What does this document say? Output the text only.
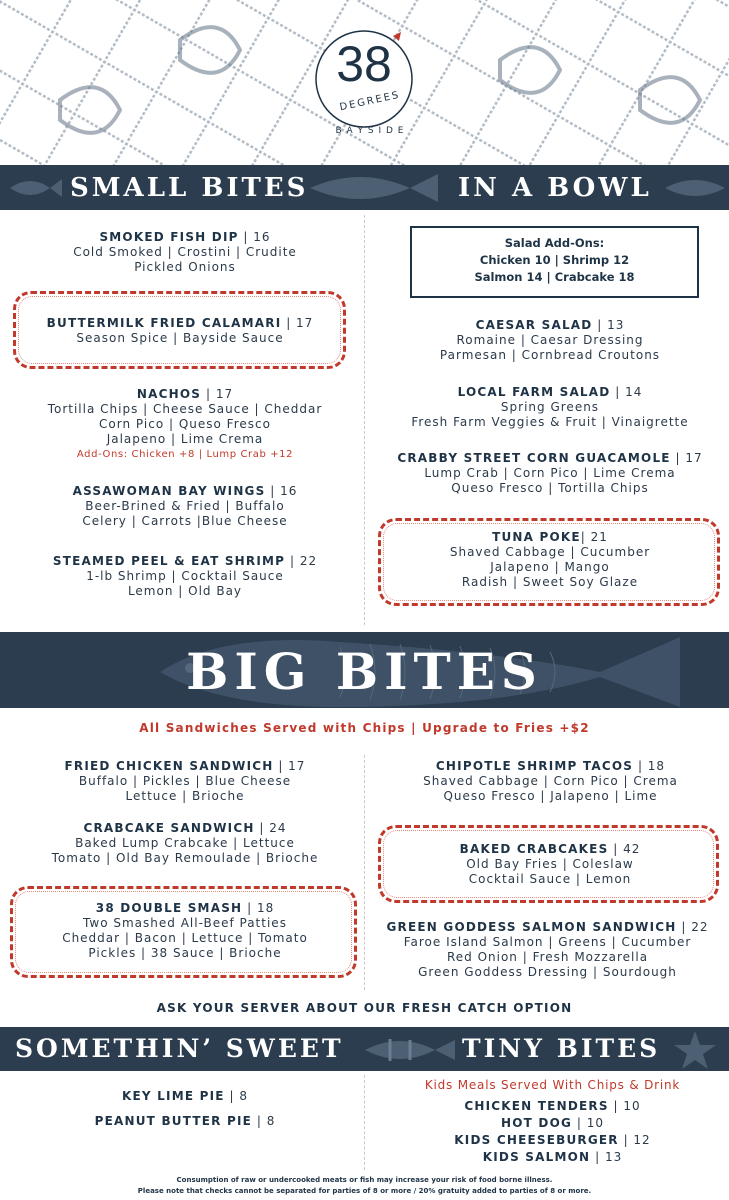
38
DEGREES
B A Y S I D E
SMALL BITES	IN A BOWL
SMOKED FISH DIP | 16
Cold Smoked | Crostini | Crudite
Pickled Onions
BUTTERMILK FRIED CALAMARI | 17
Season Spice | Bayside Sauce
NACHOS | 17
Tortilla Chips | Cheese Sauce | Cheddar
Corn Pico | Queso Fresco
Jalapeno | Lime Crema
Add-Ons: Chicken +8 | Lump Crab +12
ASSAWOMAN BAY WINGS | 16
Beer-Brined & Fried | Buffalo
Celery | Carrots |Blue Cheese
STEAMED PEEL & EAT SHRIMP | 22
1-lb Shrimp | Cocktail Sauce
Lemon | Old Bay
Salad Add-Ons:
Chicken 10 | Shrimp 12
Salmon 14 | Crabcake 18
CAESAR SALAD | 13
Romaine | Caesar Dressing
Parmesan | Cornbread Croutons
LOCAL FARM SALAD | 14
Spring Greens
Fresh Farm Veggies & Fruit | Vinaigrette
CRABBY STREET CORN GUACAMOLE | 17
Lump Crab | Corn Pico | Lime Crema
Queso Fresco | Tortilla Chips
TUNA POKE| 21
Shaved Cabbage | Cucumber
Jalapeno | Mango
Radish | Sweet Soy Glaze
BIG BITES
All Sandwiches Served with Chips | Upgrade to Fries +$2
FRIED CHICKEN SANDWICH | 17
Buffalo | Pickles | Blue Cheese
Lettuce | Brioche
CRABCAKE SANDWICH | 24
Baked Lump Crabcake | Lettuce
Tomato | Old Bay Remoulade | Brioche
38 DOUBLE SMASH | 18
Two Smashed All-Beef Patties
Cheddar | Bacon | Lettuce | Tomato
Pickles | 38 Sauce | Brioche
CHIPOTLE SHRIMP TACOS | 18
Shaved Cabbage | Corn Pico | Crema
Queso Fresco | Jalapeno | Lime
BAKED CRABCAKES | 42
Old Bay Fries | Coleslaw
Cocktail Sauce | Lemon
GREEN GODDESS SALMON SANDWICH | 22
Faroe Island Salmon | Greens | Cucumber
Red Onion | Fresh Mozzarella
Green Goddess Dressing | Sourdough
ASK YOUR SERVER ABOUT OUR FRESH CATCH OPTION
SOMETHIN’ SWEET	TINY BITES
KEY LIME PIE | 8
PEANUT BUTTER PIE | 8
Kids Meals Served With Chips & Drink
CHICKEN TENDERS | 10
HOT DOG | 10
KIDS CHEESEBURGER | 12
KIDS SALMON | 13
Consumption of raw or undercooked meats or fish may increase your risk of food borne illness.
Please note that checks cannot be separated for parties of 8 or more / 20% gratuity added to parties of 8 or more.
